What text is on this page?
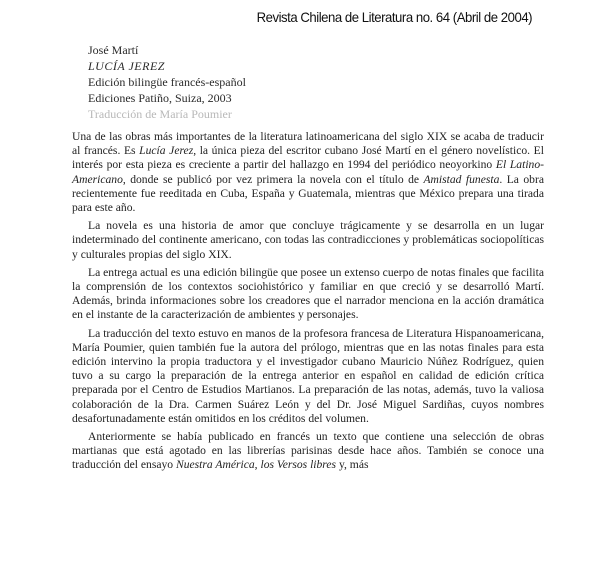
Revista Chilena de Literatura no. 64 (Abril de 2004)
José Martí
LUCÍA JEREZ
Edición bilingüe francés-español
Ediciones Patiño, Suiza, 2003
Traducción de María Poumier

Una de las obras más importantes de la literatura latinoamericana del siglo XIX se acaba de traducir al francés. Es Lucía Jerez, la única pieza del escritor cubano José Martí en el género novelístico. El interés por esta pieza es creciente a partir del hallazgo en 1994 del periódico neoyorkino El Latino-Americano, donde se publicó por vez primera la novela con el título de Amistad funesta. La obra recientemente fue reeditada en Cuba, España y Guatemala, mientras que México prepara una tirada para este año.

La novela es una historia de amor que concluye trágicamente y se desarrolla en un lugar indeterminado del continente americano, con todas las contradicciones y problemáticas sociopolíticas y culturales propias del siglo XIX.

La entrega actual es una edición bilingüe que posee un extenso cuerpo de notas finales que facilita la comprensión de los contextos sociohistórico y familiar en que creció y se desarrolló Martí. Además, brinda informaciones sobre los creadores que el narrador menciona en la acción dramática en el instante de la caracterización de ambientes y personajes.

La traducción del texto estuvo en manos de la profesora francesa de Literatura Hispanoamericana, María Poumier, quien también fue la autora del prólogo, mientras que en las notas finales para esta edición intervino la propia traductora y el investigador cubano Mauricio Núñez Rodríguez, quien tuvo a su cargo la preparación de la entrega anterior en español en calidad de edición crítica preparada por el Centro de Estudios Martianos. La preparación de las notas, además, tuvo la valiosa colaboración de la Dra. Carmen Suárez León y del Dr. José Miguel Sardiñas, cuyos nombres desafortunadamente están omitidos en los créditos del volumen.

Anteriormente se había publicado en francés un texto que contiene una selección de obras martianas que está agotado en las librerías parisinas desde hace años. También se conoce una traducción del ensayo Nuestra América, los Versos libres y, más
